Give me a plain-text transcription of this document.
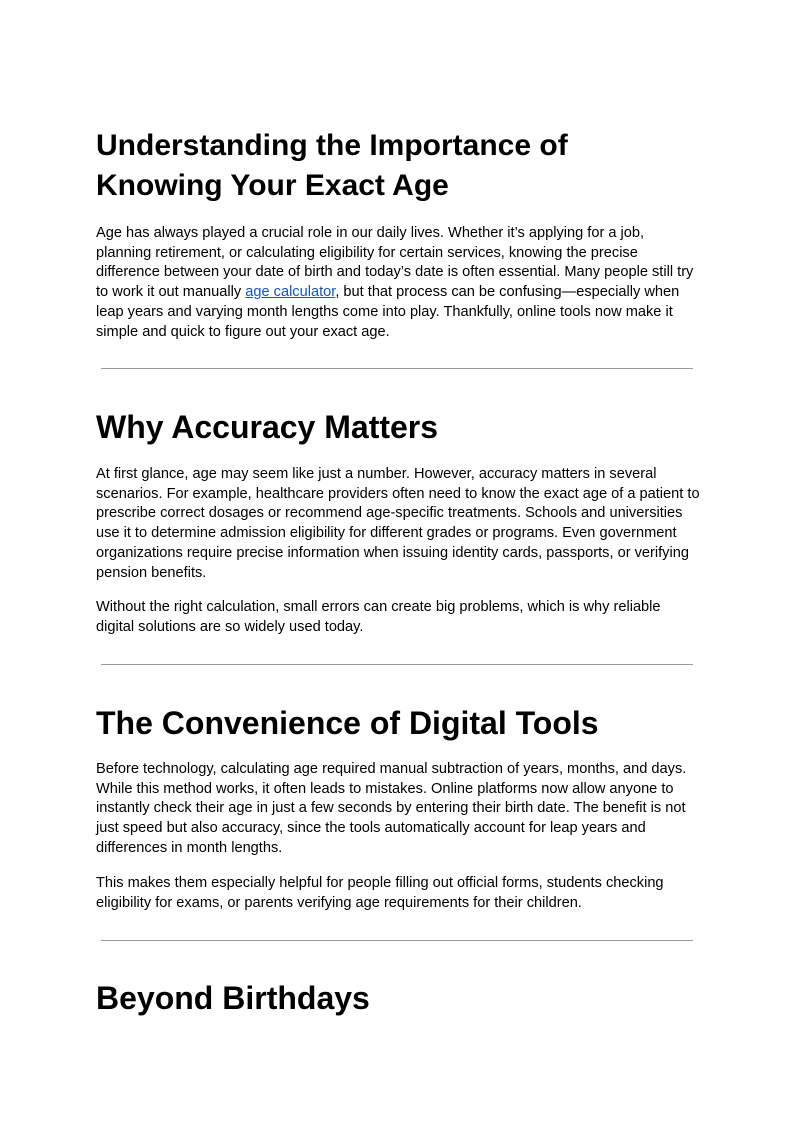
Understanding the Importance of Knowing Your Exact Age

Age has always played a crucial role in our daily lives. Whether it’s applying for a job, planning retirement, or calculating eligibility for certain services, knowing the precise difference between your date of birth and today’s date is often essential. Many people still try to work it out manually age calculator, but that process can be confusing—especially when leap years and varying month lengths come into play. Thankfully, online tools now make it simple and quick to figure out your exact age.

Why Accuracy Matters

At first glance, age may seem like just a number. However, accuracy matters in several scenarios. For example, healthcare providers often need to know the exact age of a patient to prescribe correct dosages or recommend age-specific treatments. Schools and universities use it to determine admission eligibility for different grades or programs. Even government organizations require precise information when issuing identity cards, passports, or verifying pension benefits.

Without the right calculation, small errors can create big problems, which is why reliable digital solutions are so widely used today.

The Convenience of Digital Tools

Before technology, calculating age required manual subtraction of years, months, and days. While this method works, it often leads to mistakes. Online platforms now allow anyone to instantly check their age in just a few seconds by entering their birth date. The benefit is not just speed but also accuracy, since the tools automatically account for leap years and differences in month lengths.

This makes them especially helpful for people filling out official forms, students checking eligibility for exams, or parents verifying age requirements for their children.

Beyond Birthdays
